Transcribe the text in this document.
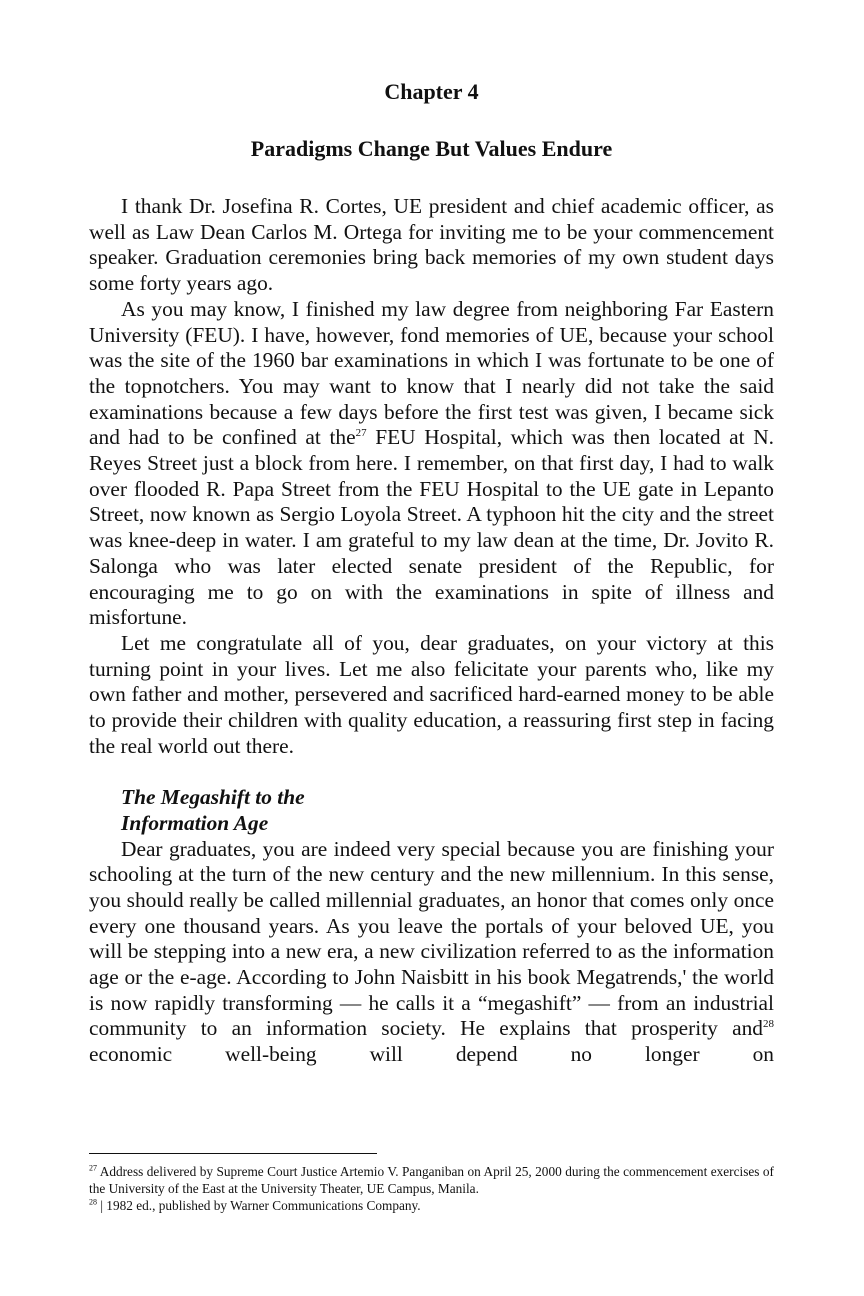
Chapter 4
Paradigms Change But Values Endure

I thank Dr. Josefina R. Cortes, UE president and chief academic officer, as well as Law Dean Carlos M. Ortega for inviting me to be your commencement speaker. Graduation ceremonies bring back memories of my own student days some forty years ago.

As you may know, I finished my law degree from neighboring Far Eastern University (FEU). I have, however, fond memories of UE, because your school was the site of the 1960 bar examinations in which I was fortunate to be one of the topnotchers. You may want to know that I nearly did not take the said examinations because a few days before the first test was given, I became sick and had to be confined at the$^{27}$ FEU Hospital, which was then located at N. Reyes Street just a block from here. I remember, on that first day, I had to walk over flooded R. Papa Street from the FEU Hospital to the UE gate in Lepanto Street, now known as Sergio Loyola Street. A typhoon hit the city and the street was knee-deep in water. I am grateful to my law dean at the time, Dr. Jovito R. Salonga who was later elected senate president of the Republic, for encouraging me to go on with the examinations in spite of illness and misfortune.

Let me congratulate all of you, dear graduates, on your victory at this turning point in your lives. Let me also felicitate your parents who, like my own father and mother, persevered and sacrificed hard-earned money to be able to provide their children with quality education, a reassuring first step in facing the real world out there.

The Megashift to the
Information Age

Dear graduates, you are indeed very special because you are finishing your schooling at the turn of the new century and the new millennium. In this sense, you should really be called millennial graduates, an honor that comes only once every one thousand years. As you leave the portals of your beloved UE, you will be stepping into a new era, a new civilization referred to as the information age or the e-age. According to John Naisbitt in his book Megatrends,' the world is now rapidly transforming — he calls it a “megashift” — from an industrial community to an information society. He explains that prosperity and$^{28}$ economic well-being will depend no longer on

$^{27}$ Address delivered by Supreme Court Justice Artemio V. Panganiban on April 25, 2000 during the commencement exercises of the University of the East at the University Theater, UE Campus, Manila.

$^{28}$ | 1982 ed., published by Warner Communications Company.
